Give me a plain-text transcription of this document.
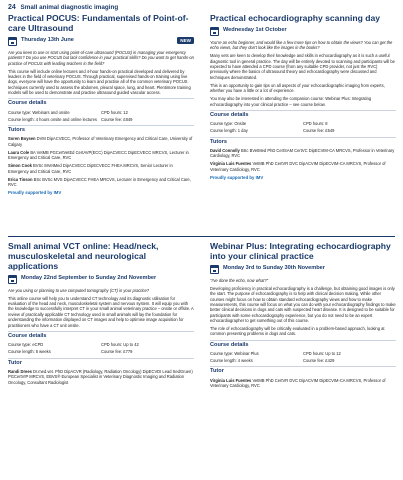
24 Small animal diagnostic imaging
Practical POCUS: Fundamentals of Point-of-care Ultrasound
Thursday 13th June	NEW

Are you keen to use or start using point-of-care ultrasound (POCUS) in managing your emergency patients? Do you use POCUS but lack confidence in your practical skills? Do you want to get hands-on practice of POCUS with leading teachers in the field?

This course will include online lectures and 4-hour hands-on practical developed and delivered by leaders in the field of veterinary POCUS. Through practical, supervised hands-on training using live dogs, everyone will have the opportunity to learn and practise all of the common veterinary POCUS techniques currently used to assess the abdomen, pleural space, lung, and heart. Plentimore training models will be used to demonstrate and practise ultrasound guided vascular access.

Course details
Course type: Webinars and onsite	CPD hours: 12
Course length: 4 hours onsite and online lectures Course fee: £849
Tutors

Soren Boysen DVM DipACVECC, Professor of Veterinary Emergency and Critical Care, University of Calgary

Laura Cole BA VetMB PGCertVetEd CertAVP(ECC) DipACVECC DipECVECC MRCVS, Lecturer in Emergency and Critical Care, RVC

Simon Cook BVSc MVetMed DipACVECC DipECVECC FHEA MRCVS, Senior Lecturer in Emergency and Critical Care, RVC

Erica Tinson BSc BVSc MVS DipACVECC FHEA MRCVS, Lecturer in Emergency and Critical Care, RVC

Proudly supported by IMV
Practical echocardiography scanning day
Wednesday 1st October

You're an echo beginner, and would like a few more tips on how to obtain the views? You can get the echo views, but they don't look like the images in the books?

Many vets are keen to develop their knowledge and skills in echocardiography as it is such a useful diagnostic tool in general practice. The day will be entirely devoted to scanning and participants will be expected to have attended a CPD course (from any suitable CPD provider, not just the RVC) previously where the basics of ultrasound theory and echocardiography were discussed and techniques demonstrated.

This is an opportunity to gain tips on all aspects of your echocardiographic imaging from experts, whether you have a little or a lot of experience.

You may also be interested in attending the companion course: Webinar Plus: Integrating echocardiography into your clinical practice – see course below.

Course details
Course type: Onsite	CPD hours: 8
Course length: 1 day	Course fee: £549
Tutors

David Connolly BSc BVetMed PhD CertSAM CertVC DipECVIM-CA MRCVS, Professor in Veterinary Cardiology, RVC

Virginia Luis Fuentes VetMB PhD CertVR DVC DipACVIM DipECVIM-CA MRCVS, Professor of Veterinary Cardiology, RVC

Proudly supported by IMV
Small animal VCT online: Head/neck, musculoskeletal and neurological applications
Monday 22nd September to Sunday 2nd November

Are you using or planning to use computed tomography (CT) in your practice?

This online course will help you to understand CT technology and its diagnostic utilisation for evaluation of the head and neck, musculoskeletal system and nervous system. It will equip you with the knowledge to successfully interpret CT in your small animal veterinary practice – onsite or offsite. A review of practically applicable CT technology used in small animals will lay the foundation for understanding the information displayed on CT images and help to optimise image acquisition for practitioners who have a CT unit onsite.

Course details
Course type: eCPD	CPD hours: Up to 42
Course length: 6 weeks	Course fee: £779
Tutor

Randi Drees Dr.med.vet. PhD DipACVR (Radiology, Radiation Oncology) DipECVDI Lead SedGruen) PGCertVIP MRCVS, EBVS® European Specialist in Veterinary Diagnostic Imaging and Radiation Oncology, Consultant Radiologist

Webinar Plus: Integrating echocardiography into your clinical practice
Monday 3rd to Sunday 30th November

"I've done the echo, now what?"

Developing proficiency in practical echocardiography is a challenge, but obtaining good images is only the start. The purpose of echocardiography is to help with clinical decision making. While other courses might focus on how to obtain standard echocardiography views and how to make measurements, this course will focus on what you can do with your echocardiography findings to make better clinical decisions in dogs and cats with suspected heart disease. It is designed to be suitable for participants with some echocardiography experience, but you do not need to be an expert echocardiographer to get something out of this course.

The role of echocardiography will be critically evaluated in a problem-based approach, looking at common presenting problems in dogs and cats.

Course details
Course type: Webinar Plus	CPD hours: Up to 12
Course length: 4 weeks	Course fee: £429
Tutor

Virginia Luis Fuentes VetMB PhD CertVR DVC DipACVIM DipECVIM-CA MRCVS, Professor of Veterinary Cardiology, RVC
